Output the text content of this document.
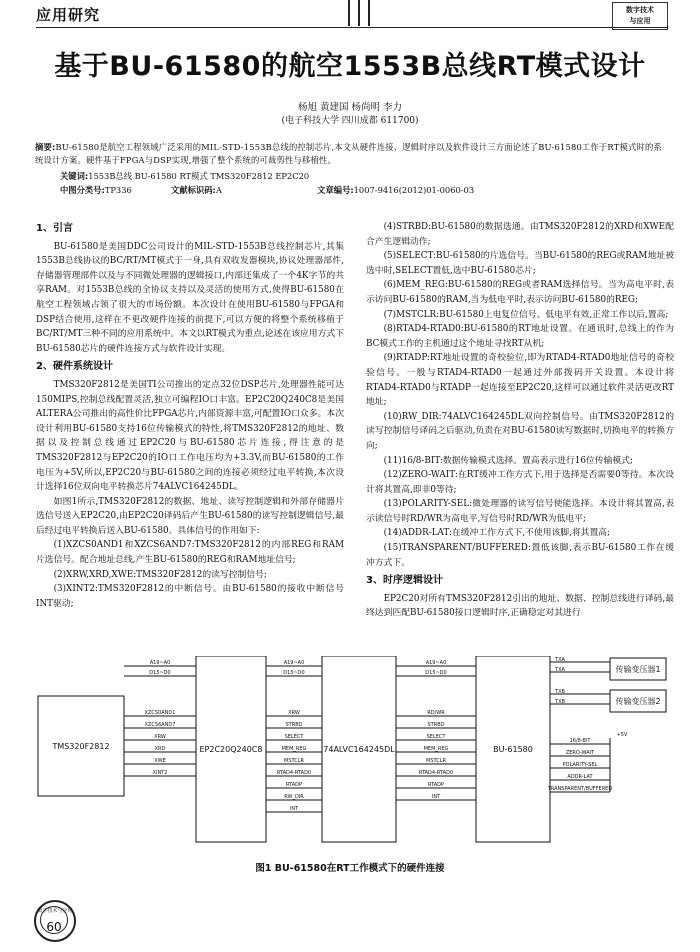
应用研究	数字技术
与应用
基于BU-61580的航空1553B总线RT模式设计
杨旭 黄建国 杨尚明 李力
(电子科技大学 四川成都 611700)
摘要:BU-61580是航空工程领域广泛采用的MIL-STD-1553B总线的控制芯片,本文从硬件连接、逻辑时序以及软件设计三方面论述了BU-61580工作于RT模式时的系统设计方案。硬件基于FPGA与DSP实现,增强了整个系统的可裁剪性与移植性。
关键词:1553B总线 BU-61580 RT模式 TMS320F2812 EP2C20
中图分类号:TP336	文献标识码:A	文章编号:1007-9416(2012)01-0060-03
1、引言

BU-61580是美国DDC公司设计的MIL-STD-1553B总线控制芯片,其集1553B总线协议的BC/RT/MT模式于一身,具有双收发器模块,协议处理器部件,存储器管理部件以及与不同微处理器的逻辑接口,内部还集成了一个4K字节的共享RAM。对1553B总线的全协议支持以及灵活的使用方式,使得BU-61580在航空工程领域占领了很大的市场份额。本次设计在使用BU-61580与FPGA和DSP结合使用,这样在不更改硬件连接的前提下,可以方便的将整个系统移植于BC/RT/MT三种不同的应用系统中。本文以RT模式为重点,论述在该应用方式下BU-61580芯片的硬件连接方式与软件设计实现。

2、硬件系统设计

TMS320F2812是美国TI公司推出的定点32位DSP芯片,处理器性能可达150MIPS,控制总线配置灵活,独立可编程IO口丰富。EP2C20Q240C8是美国ALTERA公司推出的高性价比FPGA芯片,内部资源丰富,可配置IO口众多。本次设计利用BU-61580支持16位传输模式的特性,将TMS320F2812的地址、数据以及控制总线通过EP2C20与BU-61580芯片连接,得注意的是TMS320F2812与EP2C20的IO口工作电压均为+3.3V,而BU-61580的工作电压为+5V,所以,EP2C20与BU-61580之间的连接必须经过电平转换,本次设计选择16位双向电平转换芯片74ALVC164245DL。

如图1所示,TMS320F2812的数据、地址、读写控制逻辑和外部存储器片选信号送入EP2C20,由EP2C20译码后产生BU-61580的读写控制逻辑信号,最后经过电平转换后送入BU-61580。具体信号的作用如下:

(1)XZCS0AND1和XZCS6AND7:TMS320F2812的内部REG和RAM片选信号。配合地址总线,产生BU-61580的REG和RAM地址信号;

(2)XRW,XRD,XWE:TMS320F2812的读写控制信号;

(3)XINT2:TMS320F2812的中断信号。由BU-61580的接收中断信号INT驱动;

(4)STRBD:BU-61580的数据选通。由TMS320F2812的XRD和XWE配合产生逻辑动作;

(5)SELECT:BU-61580的片选信号。当BU-61580的REG或RAM地址被选中时,SELECT置低,选中BU-61580芯片;

(6)MEM_REG:BU-61580的REG或者RAM选择信号。当为高电平时,表示访问BU-61580的RAM,当为低电平时,表示访问BU-61580的REG;

(7)MSTCLR:BU-61580上电复位信号。低电平有效,正常工作以后,置高;

(8)RTAD4-RTAD0:BU-61580的RT地址设置。在通讯时,总线上的作为BC模式工作的主机通过这个地址寻找RT从机;

(9)RTADP:RT地址设置的奇校验位,即为RTAD4-RTAD0地址信号的奇校验信号。一般与RTAD4-RTAD0一起通过外部拨码开关设置。本设计将RTAD4-RTAD0与RTADP一起连接至EP2C20,这样可以通过软件灵活更改RT地址;

(10)RW_DIR:74ALVC164245DL双向控制信号。由TMS320F2812的读写控制信号译码之后驱动,负责在对BU-61580读写数据时,切换电平的转换方向;

(11)16/8-BIT:数据传输模式选择。置高表示进行16位传输模式;

(12)ZERO-WAIT:在RT缓冲工作方式下,用于选择是否需要0等待。本次设计将其置高,即非0等待;

(13)POLARITY-SEL:微处理器的读写信号使能选择。本设计将其置高,表示读信号时RD/WR为高电平,写信号时RD/WR为低电平;

(14)ADDR-LAT:在缓冲工作方式下,不使用该脚,将其置高;

(15)TRANSPARENT/BUFFERED:置低该脚,表示BU-61580工作在缓冲方式下。

3、时序逻辑设计

EP2C20对所有TMS320F2812引出的地址、数据、控制总线进行译码,最终达到匹配BU-61580接口逻辑时序,正确稳定对其进行

TMS320F2812	EP2C20Q240C8	74ALVC164245DL	BU-61580
传输变压器1
传输变压器2
A19~A0
D15~D0
A19~A0
D15~D0
A19~A0
D15~D0
XZCS0AND1
XZCS6AND7
XRW
XRD
XWE
XINT2
XRW
STRBD
SELECT
MEM_REG
MSTCLR
RTAD4-RTAD0
RTADP
RW_DIR
INT
RD/WR
STRBD
SELECT
MEM_REG
MSTCLR
RTAD4-RTAD0
RTADP
INT
16/8-BIT
ZERO-WAIT
POLARITY-SEL
ADDR-LAT
TRANSPARENT/BUFFERED
+5V
TXA
TXA
TXB
TXB
图1 BU-61580在RT工作模式下的硬件连接
数字技术与应用
60
